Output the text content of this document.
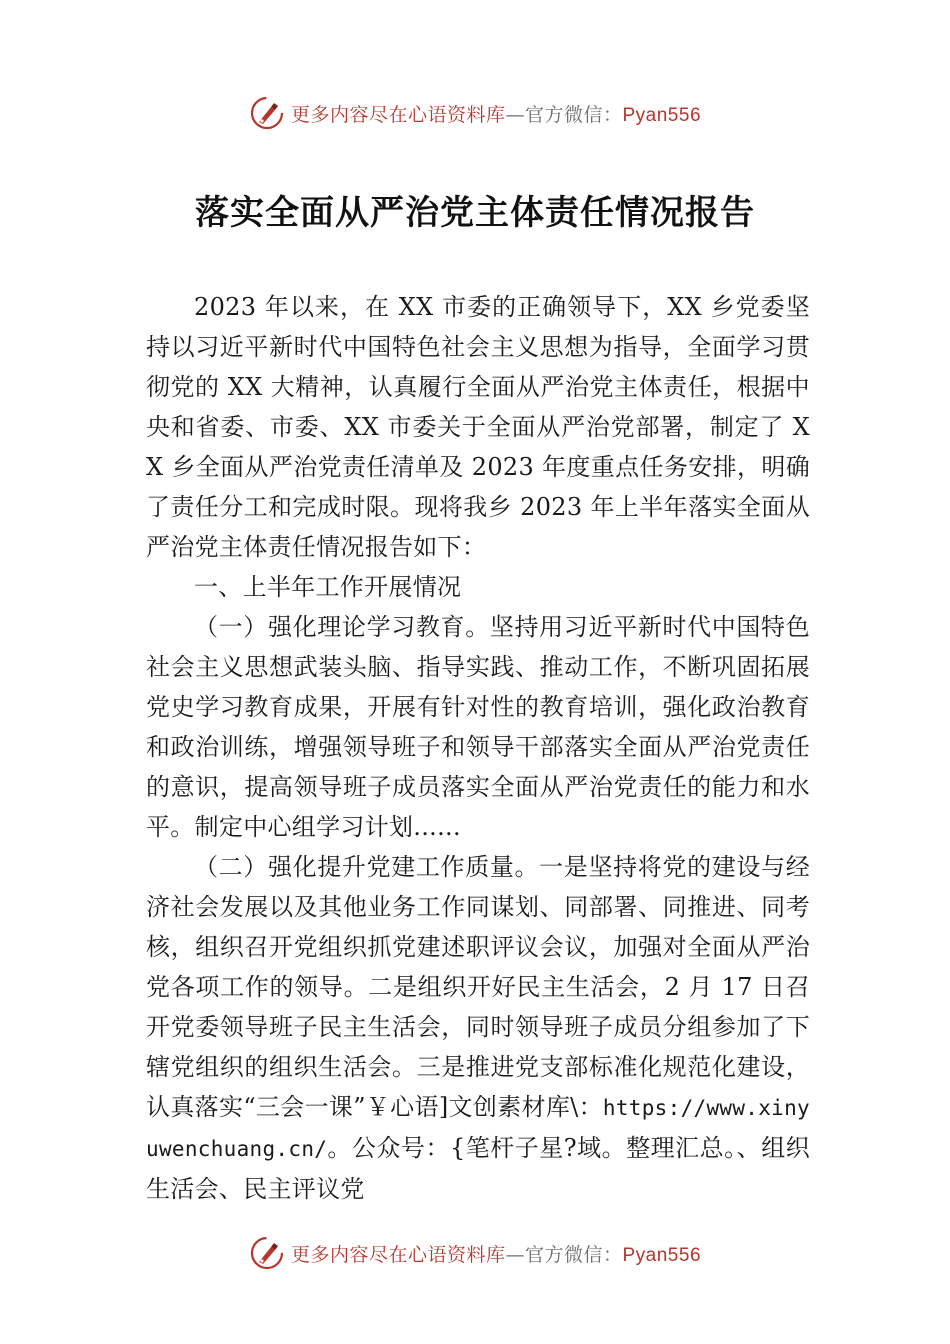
更多内容尽在心语资料库—官方微信：Pyan556
落实全面从严治党主体责任情况报告

2023 年以来，在 XX 市委的正确领导下，XX 乡党委坚持以习近平新时代中国特色社会主义思想为指导，全面学习贯彻党的 XX 大精神，认真履行全面从严治党主体责任，根据中央和省委、市委、XX 市委关于全面从严治党部署，制定了 XX 乡全面从严治党责任清单及 2023 年度重点任务安排，明确了责任分工和完成时限。现将我乡 2023 年上半年落实全面从严治党主体责任情况报告如下：

一、上半年工作开展情况

（一）强化理论学习教育。坚持用习近平新时代中国特色社会主义思想武装头脑、指导实践、推动工作，不断巩固拓展党史学习教育成果，开展有针对性的教育培训，强化政治教育和政治训练，增强领导班子和领导干部落实全面从严治党责任的意识，提高领导班子成员落实全面从严治党责任的能力和水平。制定中心组学习计划......

（二）强化提升党建工作质量。一是坚持将党的建设与经济社会发展以及其他业务工作同谋划、同部署、同推进、同考核，组织召开党组织抓党建述职评议会议，加强对全面从严治党各项工作的领导。二是组织开好民主生活会，2 月 17 日召开党委领导班子民主生活会，同时领导班子成员分组参加了下辖党组织的组织生活会。三是推进党支部标准化规范化建设，认真落实“三会一课”￥心语]文创素材库\：https://www.xinyuwenchuang.cn/。公众号：{笔杆子星?域。整理汇总。、组织生活会、民主评议党

更多内容尽在心语资料库—官方微信：Pyan556
